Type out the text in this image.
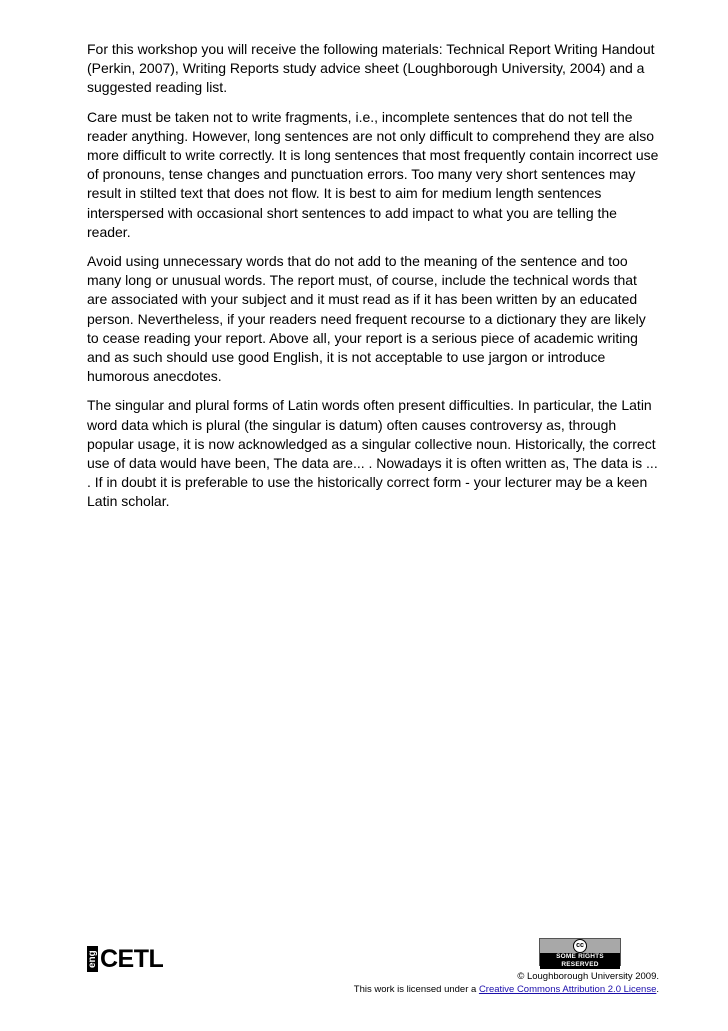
For this workshop you will receive the following materials: Technical Report Writing Handout (Perkin, 2007), Writing Reports study advice sheet (Loughborough University, 2004) and a suggested reading list.

Care must be taken not to write fragments, i.e., incomplete sentences that do not tell the reader anything. However, long sentences are not only difficult to comprehend they are also more difficult to write correctly. It is long sentences that most frequently contain incorrect use of pronouns, tense changes and punctuation errors. Too many very short sentences may result in stilted text that does not flow. It is best to aim for medium length sentences interspersed with occasional short sentences to add impact to what you are telling the reader.

Avoid using unnecessary words that do not add to the meaning of the sentence and too many long or unusual words. The report must, of course, include the technical words that are associated with your subject and it must read as if it has been written by an educated person. Nevertheless, if your readers need frequent recourse to a dictionary they are likely to cease reading your report. Above all, your report is a serious piece of academic writing and as such should use good English, it is not acceptable to use jargon or introduce humorous anecdotes.

The singular and plural forms of Latin words often present difficulties. In particular, the Latin word data which is plural (the singular is datum) often causes controversy as, through popular usage, it is now acknowledged as a singular collective noun. Historically, the correct use of data would have been, The data are... . Nowadays it is often written as, The data is ... . If in doubt it is preferable to use the historically correct form - your lecturer may be a keen Latin scholar.

eng CETL	cc
SOME RIGHTS RESERVED
© Loughborough University 2009.
This work is licensed under a Creative Commons Attribution 2.0 License.
